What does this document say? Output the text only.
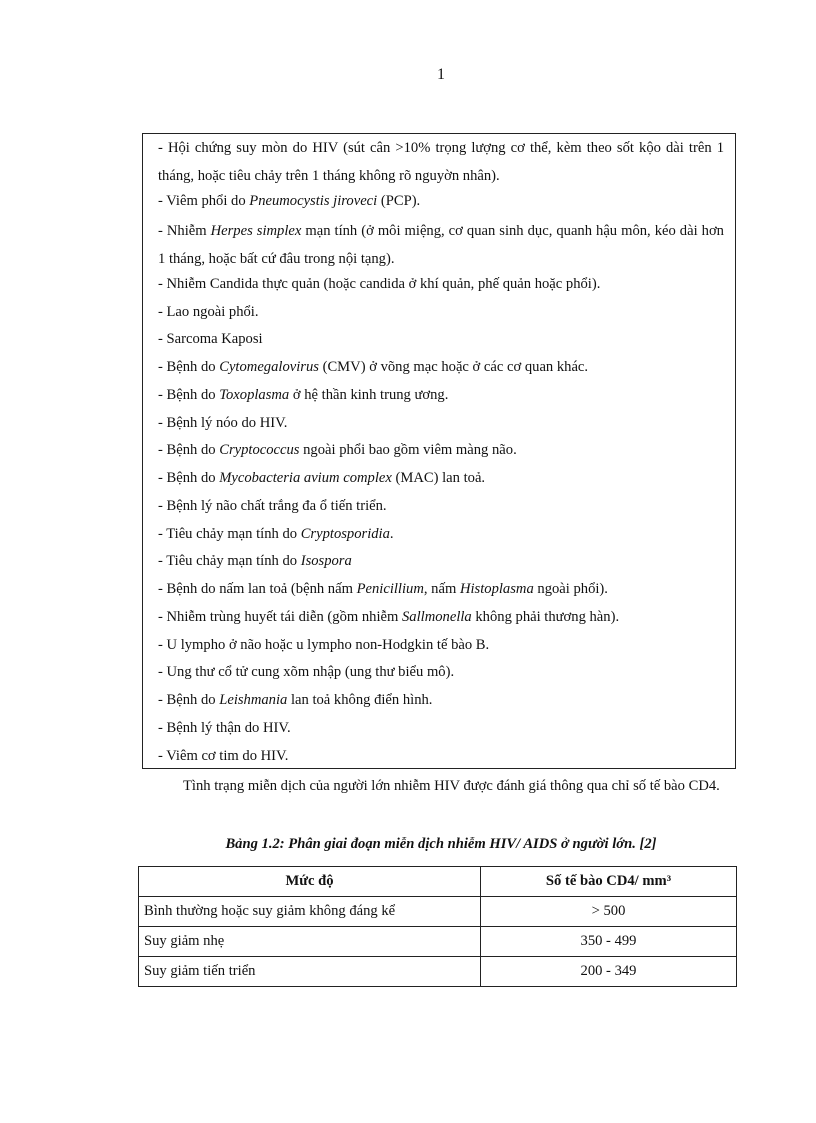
1
- Hội chứng suy mòn do HIV (sút cân >10% trọng lượng cơ thể, kèm theo sốt kộo dài trên 1 tháng, hoặc tiêu chảy trên 1 tháng không rõ nguyờn nhân).
- Viêm phổi do Pneumocystis jiroveci (PCP).
- Nhiễm Herpes simplex mạn tính (ở môi miệng, cơ quan sinh dục, quanh hậu môn, kéo dài hơn 1 tháng, hoặc bất cứ đâu trong nội tạng).
- Nhiễm Candida thực quản (hoặc candida ở khí quản, phế quản hoặc phổi).
- Lao ngoài phổi.
- Sarcoma Kaposi
- Bệnh do Cytomegalovirus (CMV) ở võng mạc hoặc ở các cơ quan khác.
- Bệnh do Toxoplasma ở hệ thần kinh trung ương.
- Bệnh lý nóo do HIV.
- Bệnh do Cryptococcus ngoài phổi bao gồm viêm màng não.
- Bệnh do Mycobacteria avium complex (MAC) lan toả.
- Bệnh lý não chất trắng đa ổ tiến triển.
- Tiêu chảy mạn tính do Cryptosporidia.
- Tiêu chảy mạn tính do Isospora
- Bệnh do nấm lan toả (bệnh nấm Penicillium, nấm Histoplasma ngoài phổi).
- Nhiễm trùng huyết tái diễn (gồm nhiễm Sallmonella không phải thương hàn).
- U lympho ở não hoặc u lympho non-Hodgkin tế bào B.
- Ung thư cổ tử cung xõm nhập (ung thư biểu mô).
- Bệnh do Leishmania lan toả không điển hình.
- Bệnh lý thận do HIV.
- Viêm cơ tim do HIV.

Tình trạng miễn dịch của người lớn nhiễm HIV được đánh giá thông qua chỉ số tế bào CD4.

Bảng 1.2: Phân giai đoạn miễn dịch nhiễm HIV/ AIDS ở người lớn. [2]

Mức độ	Số tế bào CD4/ mm³
Bình thường hoặc suy giảm không đáng kể	> 500
Suy giảm nhẹ	350 - 499
Suy giảm tiến triển	200 - 349
